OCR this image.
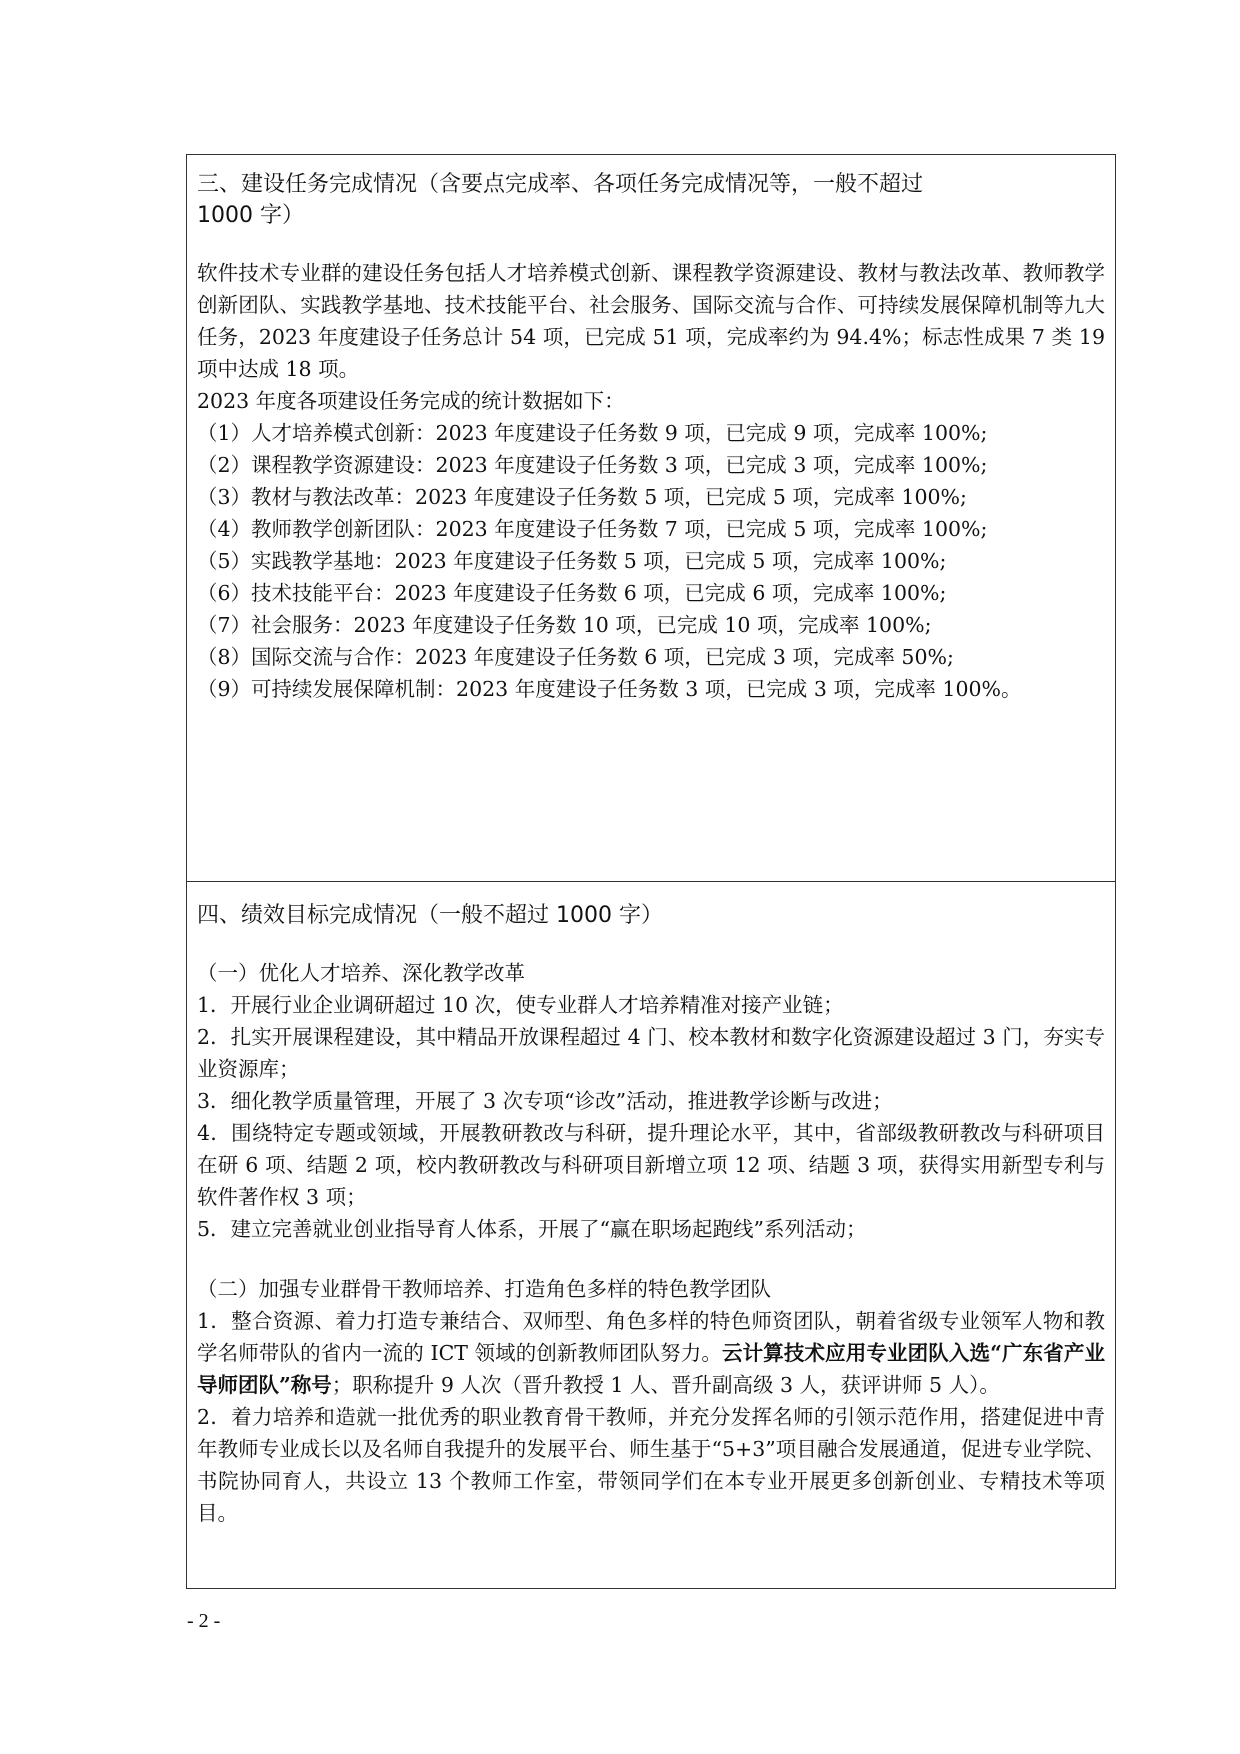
三、建设任务完成情况（含要点完成率、各项任务完成情况等，一般不超过

1000 字）

软件技术专业群的建设任务包括人才培养模式创新、课程教学资源建设、教材与教法改革、教师教学创新团队、实践教学基地、技术技能平台、社会服务、国际交流与合作、可持续发展保障机制等九大任务，2023 年度建设子任务总计 54 项，已完成 51 项，完成率约为 94.4%；标志性成果 7 类 19 项中达成 18 项。

2023 年度各项建设任务完成的统计数据如下：

（1）人才培养模式创新：2023 年度建设子任务数 9 项，已完成 9 项，完成率 100%;

（2）课程教学资源建设：2023 年度建设子任务数 3 项，已完成 3 项，完成率 100%;

（3）教材与教法改革：2023 年度建设子任务数 5 项，已完成 5 项，完成率 100%;

（4）教师教学创新团队：2023 年度建设子任务数 7 项，已完成 5 项，完成率 100%;

（5）实践教学基地：2023 年度建设子任务数 5 项，已完成 5 项，完成率 100%;

（6）技术技能平台：2023 年度建设子任务数 6 项，已完成 6 项，完成率 100%;

（7）社会服务：2023 年度建设子任务数 10 项，已完成 10 项，完成率 100%;

（8）国际交流与合作：2023 年度建设子任务数 6 项，已完成 3 项，完成率 50%;

（9）可持续发展保障机制：2023 年度建设子任务数 3 项，已完成 3 项，完成率 100%。

四、绩效目标完成情况（一般不超过 1000 字）

（一）优化人才培养、深化教学改革

1．开展行业企业调研超过 10 次，使专业群人才培养精准对接产业链；

2．扎实开展课程建设，其中精品开放课程超过 4 门、校本教材和数字化资源建设超过 3 门，夯实专业资源库；

3．细化教学质量管理，开展了 3 次专项“诊改”活动，推进教学诊断与改进；

4．围绕特定专题或领域，开展教研教改与科研，提升理论水平，其中，省部级教研教改与科研项目在研 6 项、结题 2 项，校内教研教改与科研项目新增立项 12 项、结题 3 项，获得实用新型专利与软件著作权 3 项；

5．建立完善就业创业指导育人体系，开展了“赢在职场起跑线”系列活动；

（二）加强专业群骨干教师培养、打造角色多样的特色教学团队

1．整合资源、着力打造专兼结合、双师型、角色多样的特色师资团队，朝着省级专业领军人物和教学名师带队的省内一流的 ICT 领域的创新教师团队努力。云计算技术应用专业团队入选“广东省产业导师团队”称号；职称提升 9 人次（晋升教授 1 人、晋升副高级 3 人，获评讲师 5 人）。

2．着力培养和造就一批优秀的职业教育骨干教师，并充分发挥名师的引领示范作用，搭建促进中青年教师专业成长以及名师自我提升的发展平台、师生基于“5+3”项目融合发展通道，促进专业学院、书院协同育人，共设立 13 个教师工作室，带领同学们在本专业开展更多创新创业、专精技术等项目。

- 2 -
